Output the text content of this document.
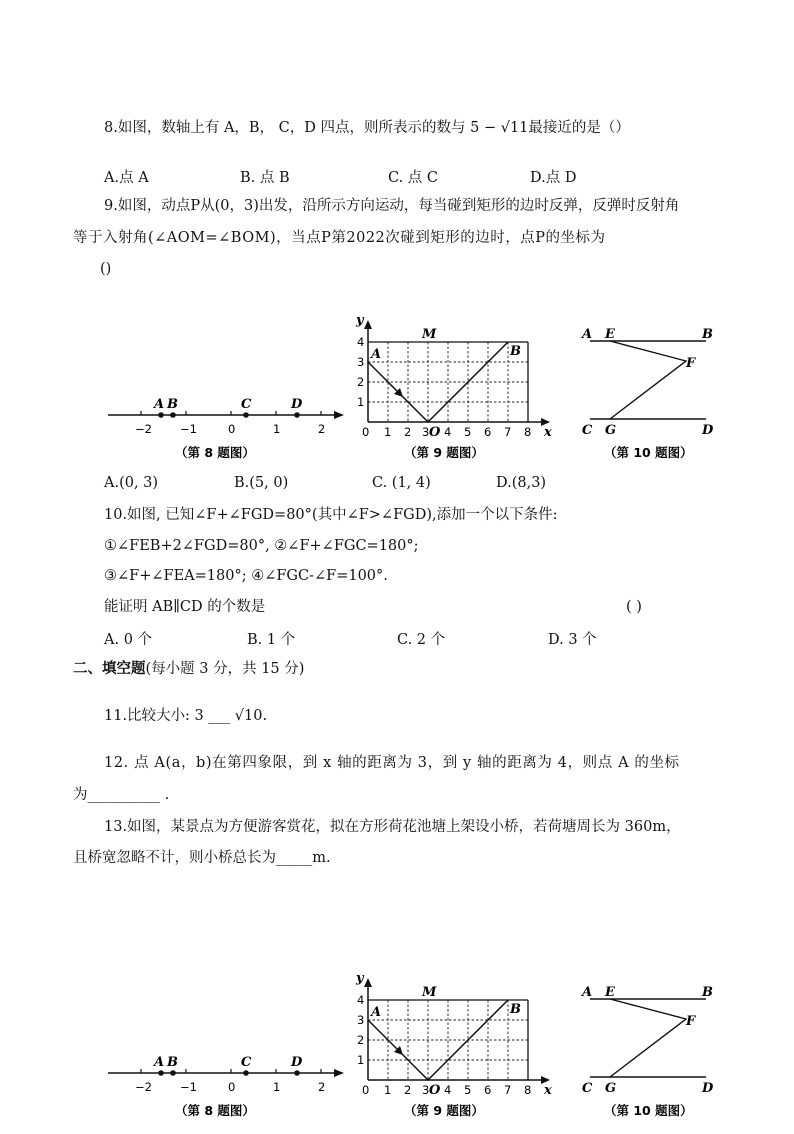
8.如图，数轴上有 A，B， C，D 四点，则所表示的数与 5 − √11最接近的是（）
A.点 A	B. 点 B	C. 点 C	D.点 D
9.如图，动点P从(0，3)出发，沿所示方向运动，每当碰到矩形的边时反弹，反弹时反射角
等于入射角(∠AOM=∠BOM)，当点P第2022次碰到矩形的边时，点P的坐标为
()
−2 −1	0	1	2
A B	C	D
（第 8 题图）
y
x
1
2
3
4
0 1 2 3 O 4 5 6 7 8
A	B
M
（第 9 题图）
A E	B
F
C G	D
（第 10 题图）
A.(0, 3)	B.(5, 0)	C. (1, 4)	D.(8,3)
10.如图, 已知∠F+∠FGD=80°(其中∠F>∠FGD),添加一个以下条件:
①∠FEB+2∠FGD=80°, ②∠F+∠FGC=180°;
③∠F+∠FEA=180°; ④∠FGC-∠F=100°.
能证明 AB∥CD 的个数是	( )
A. 0 个	B. 1 个	C. 2 个	D. 3 个
二、填空题(每小题 3 分，共 15 分)
11.比较大小: 3 ___ √10.
12. 点 A(a，b)在第四象限，到 x 轴的距离为 3，到 y 轴的距离为 4，则点 A 的坐标
为__________ .
13.如图，某景点为方便游客赏花，拟在方形荷花池塘上架设小桥，若荷塘周长为 360m，
且桥宽忽略不计，则小桥总长为_____m.
−2 −1	0	1	2
A B	C	D
（第 8 题图）
y
x
1
2
3
4
0 1 2 3 O 4 5 6 7 8
A	B
M
（第 9 题图）
A E	B
F
C G	D
（第 10 题图）
